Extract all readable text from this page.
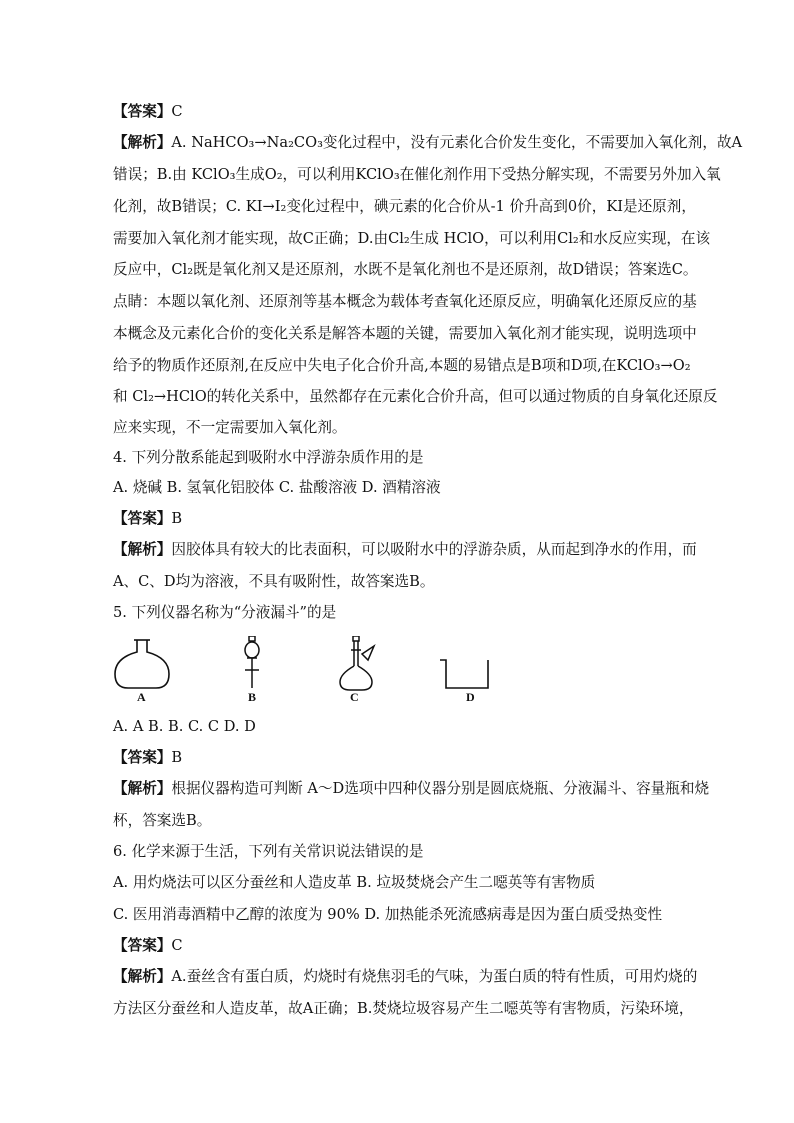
【答案】C
【解析】A. NaHCO₃→Na₂CO₃变化过程中，没有元素化合价发生变化，不需要加入氧化剂，故A
错误；B.由 KClO₃生成O₂，可以利用KClO₃在催化剂作用下受热分解实现，不需要另外加入氧
化剂，故B错误；C. KI→I₂变化过程中，碘元素的化合价从-1 价升高到0价，KI是还原剂，
需要加入氧化剂才能实现，故C正确；D.由Cl₂生成 HClO，可以利用Cl₂和水反应实现，在该
反应中，Cl₂既是氧化剂又是还原剂，水既不是氧化剂也不是还原剂，故D错误；答案选C。
点睛：本题以氧化剂、还原剂等基本概念为载体考查氧化还原反应，明确氧化还原反应的基
本概念及元素化合价的变化关系是解答本题的关键，需要加入氧化剂才能实现，说明选项中
给予的物质作还原剂,在反应中失电子化合价升高,本题的易错点是B项和D项,在KClO₃→O₂
和 Cl₂→HClO的转化关系中，虽然都存在元素化合价升高，但可以通过物质的自身氧化还原反
应来实现，不一定需要加入氧化剂。
4. 下列分散系能起到吸附水中浮游杂质作用的是
A. 烧碱 B. 氢氧化铝胶体 C. 盐酸溶液 D. 酒精溶液
【答案】B
【解析】因胶体具有较大的比表面积，可以吸附水中的浮游杂质，从而起到净水的作用，而
A、C、D均为溶液，不具有吸附性，故答案选B。
5. 下列仪器名称为“分液漏斗”的是
A	B	C	D
A. A B. B. C. C D. D
【答案】B
【解析】根据仪器构造可判断 A～D选项中四种仪器分别是圆底烧瓶、分液漏斗、容量瓶和烧
杯，答案选B。
6. 化学来源于生活，下列有关常识说法错误的是
A. 用灼烧法可以区分蚕丝和人造皮革 B. 垃圾焚烧会产生二噁英等有害物质
C. 医用消毒酒精中乙醇的浓度为 90% D. 加热能杀死流感病毒是因为蛋白质受热变性
【答案】C
【解析】A.蚕丝含有蛋白质，灼烧时有烧焦羽毛的气味，为蛋白质的特有性质，可用灼烧的
方法区分蚕丝和人造皮革，故A正确；B.焚烧垃圾容易产生二噁英等有害物质，污染环境，
